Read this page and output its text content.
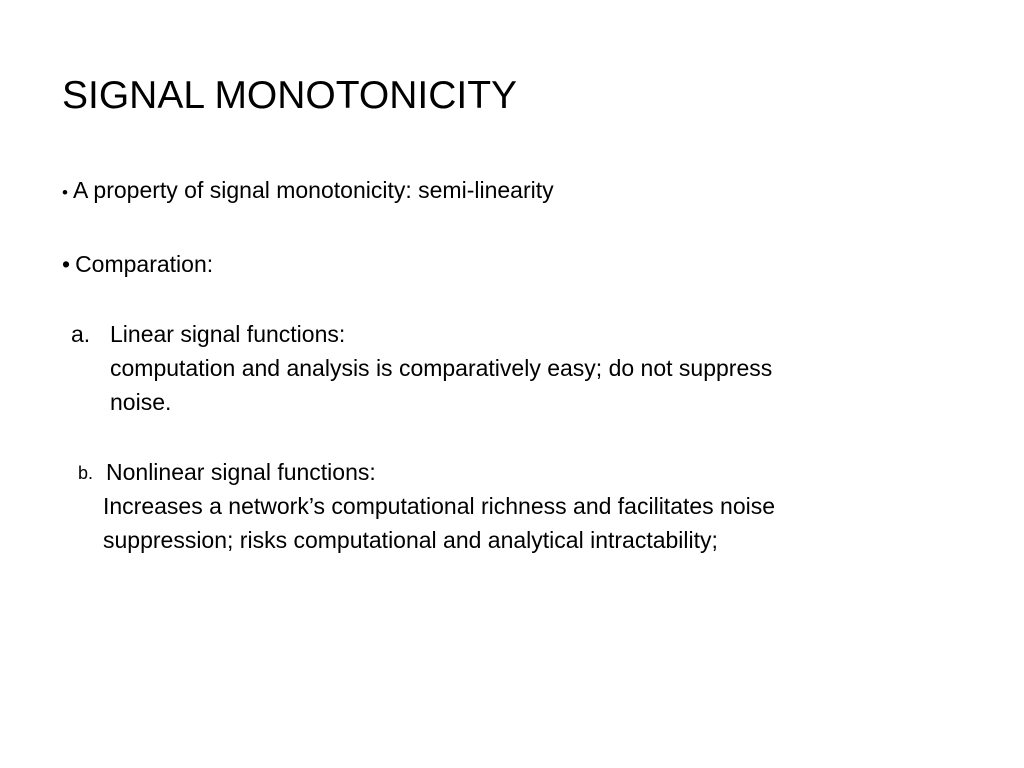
SIGNAL MONOTONICITY
• A property of signal monotonicity: semi-linearity
• Comparation:
a. Linear signal functions:
computation and analysis is comparatively easy; do not suppress
noise.
b. Nonlinear signal functions:
Increases a network’s computational richness and facilitates noise
suppression; risks computational and analytical intractability;
